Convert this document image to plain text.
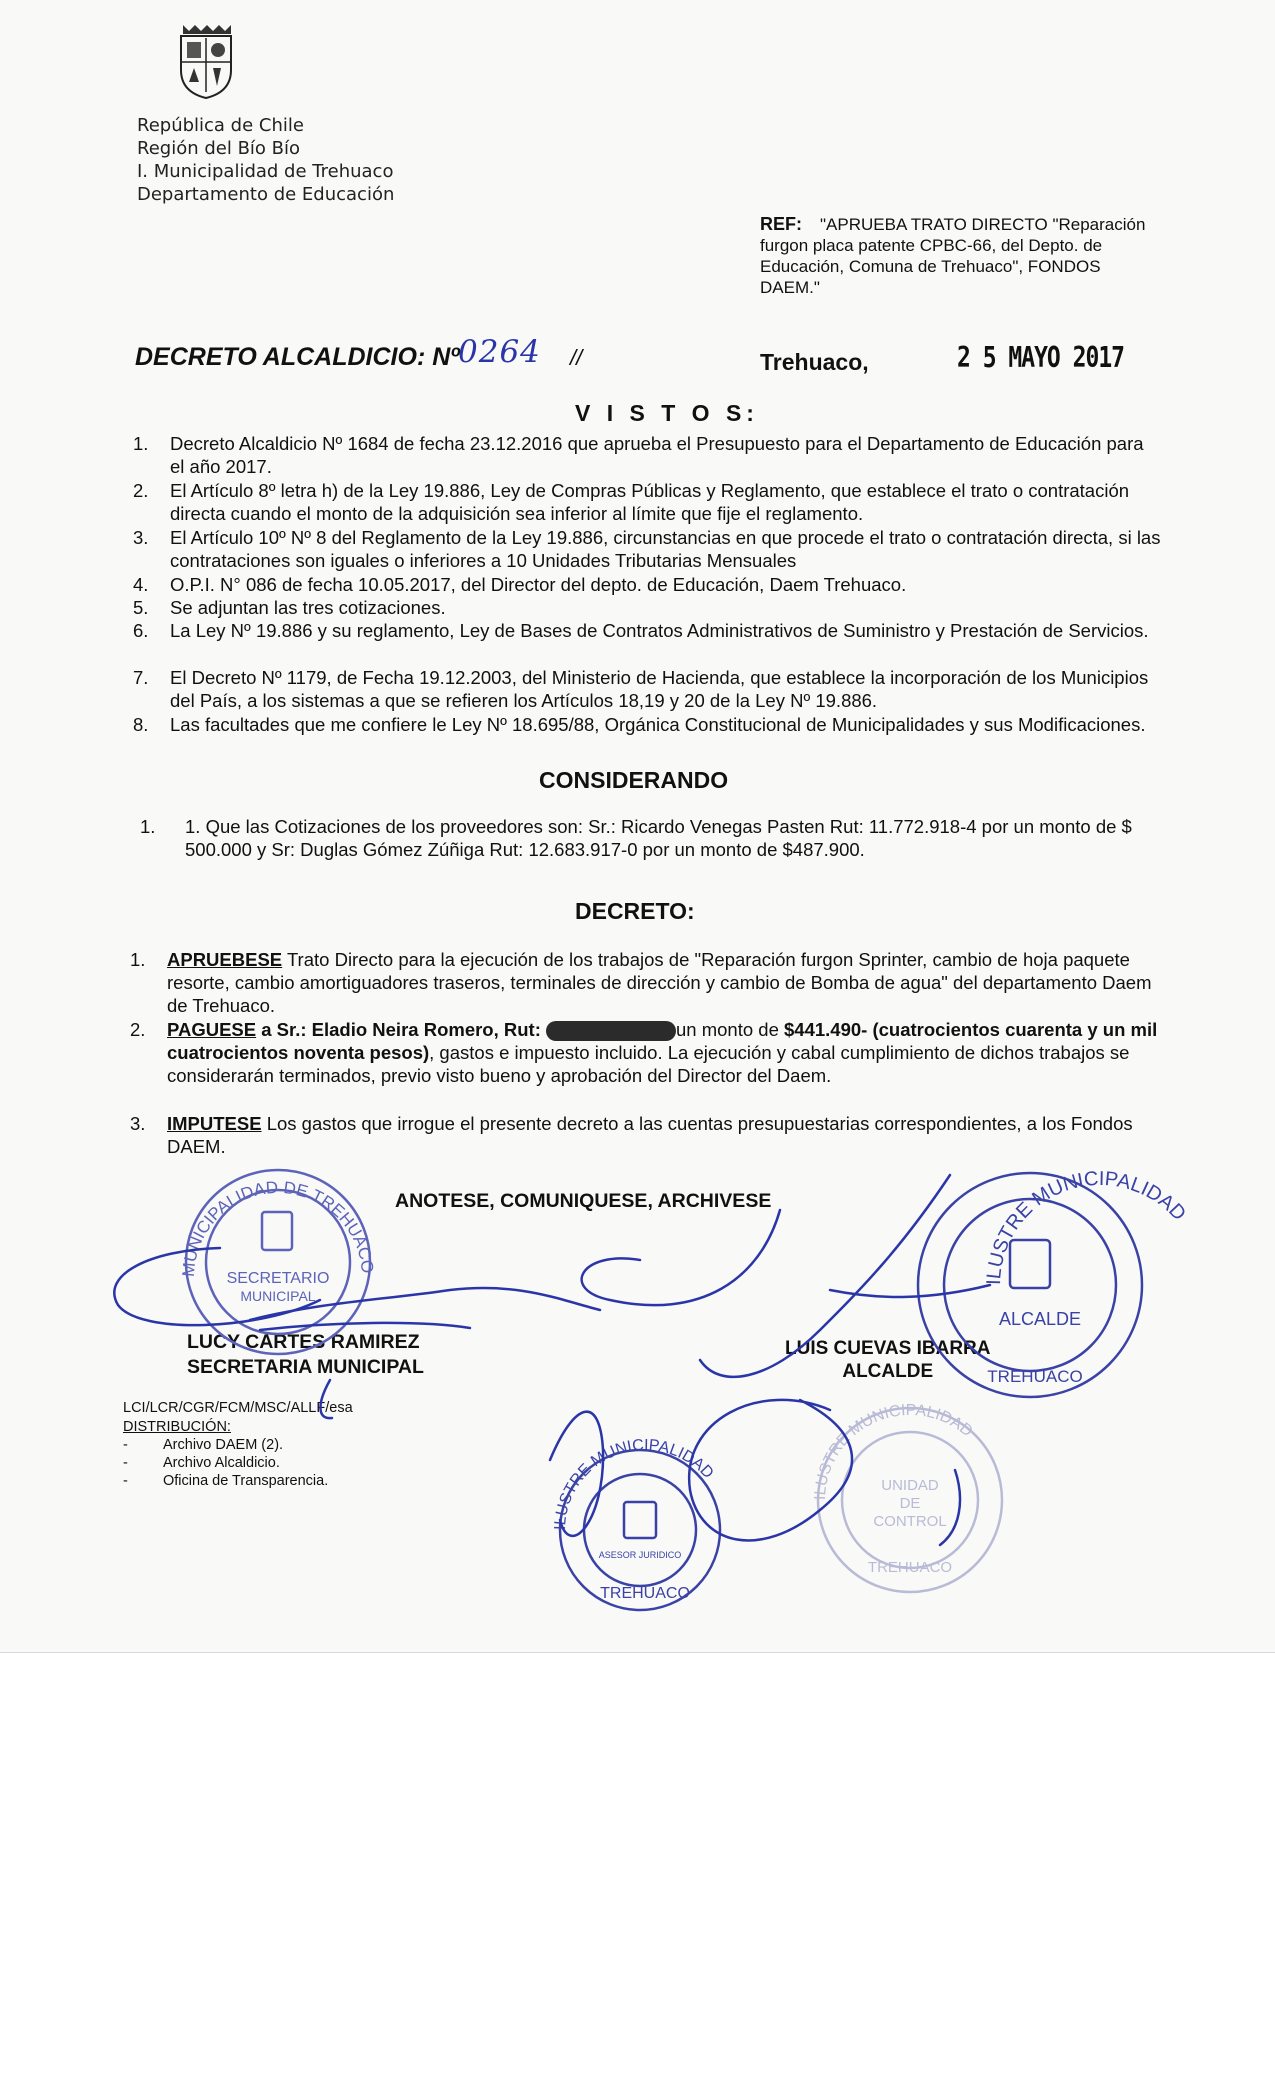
República de Chile
Región del Bío Bío
I. Municipalidad de Trehuaco
Departamento de Educación
REF: "APRUEBA TRATO DIRECTO "Reparación furgon placa patente CPBC-66, del Depto. de Educación, Comuna de Trehuaco", FONDOS DAEM."
DECRETO ALCALDICIO: Nº
0264 //	Trehuaco,	2 5 MAYO 2017
V I S T O S:
1. Decreto Alcaldicio Nº 1684 de fecha 23.12.2016 que aprueba el Presupuesto para el Departamento de Educación para el año 2017.
2. El Artículo 8º letra h) de la Ley 19.886, Ley de Compras Públicas y Reglamento, que establece el trato o contratación directa cuando el monto de la adquisición sea inferior al límite que fije el reglamento.
3. El Artículo 10º Nº 8 del Reglamento de la Ley 19.886, circunstancias en que procede el trato o contratación directa, si las contrataciones son iguales o inferiores a 10 Unidades Tributarias Mensuales
4. O.P.I. N° 086 de fecha 10.05.2017, del Director del depto. de Educación, Daem Trehuaco.
5. Se adjuntan las tres cotizaciones.
6. La Ley Nº 19.886 y su reglamento, Ley de Bases de Contratos Administrativos de Suministro y Prestación de Servicios.
7. El Decreto Nº 1179, de Fecha 19.12.2003, del Ministerio de Hacienda, que establece la incorporación de los Municipios del País, a los sistemas a que se refieren los Artículos 18,19 y 20 de la Ley Nº 19.886.
8. Las facultades que me confiere le Ley Nº 18.695/88, Orgánica Constitucional de Municipalidades y sus Modificaciones.
CONSIDERANDO
1. 1. Que las Cotizaciones de los proveedores son: Sr.: Ricardo Venegas Pasten Rut: 11.772.918-4 por un monto de $ 500.000 y Sr: Duglas Gómez Zúñiga Rut: 12.683.917-0 por un monto de $487.900.
DECRETO:
1. APRUEBESE Trato Directo para la ejecución de los trabajos de "Reparación furgon Sprinter, cambio de hoja paquete resorte, cambio amortiguadores traseros, terminales de dirección y cambio de Bomba de agua" del departamento Daem de Trehuaco.
2. PAGUESE a Sr.: Eladio Neira Romero, Rut:	un monto de $441.490- (cuatrocientos cuarenta y un mil cuatrocientos noventa pesos), gastos e impuesto incluido. La ejecución y cabal cumplimiento de dichos trabajos se considerarán terminados, previo visto bueno y aprobación del Director del Daem.
3. IMPUTESE Los gastos que irrogue el presente decreto a las cuentas presupuestarias correspondientes, a los Fondos DAEM.
ANOTESE, COMUNIQUESE, ARCHIVESE
LUCY CARTES RAMIREZ
SECRETARIA MUNICIPAL
LUIS CUEVAS IBARRA
ALCALDE
LCI/LCR/CGR/FCM/MSC/ALLF/esa
DISTRIBUCIÓN:
- Archivo DAEM (2).
- Archivo Alcaldicio.
- Oficina de Transparencia.
MUNICIPALIDAD DE TREHUACO
SECRETARIO
MUNICIPAL
ILUSTRE MUNICIPALIDAD
ALCALDE
TREHUACO
ILUSTRE MUNICIPALIDAD
ASESOR JURIDICO
TREHUACO
ILUSTRE MUNICIPALIDAD
UNIDAD
DE
CONTROL
TREHUACO
